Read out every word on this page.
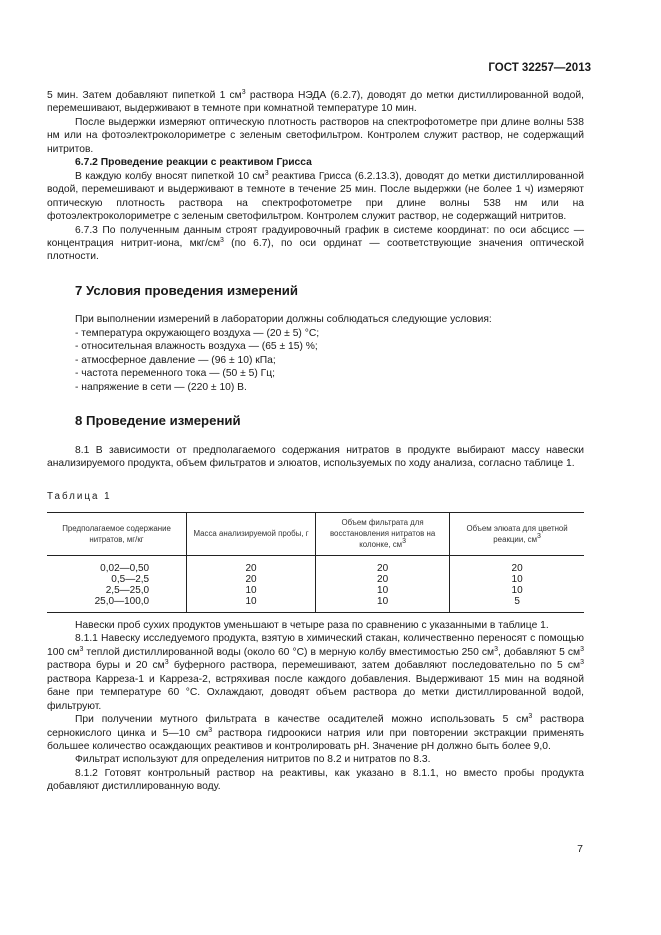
ГОСТ 32257—2013

5 мин. Затем добавляют пипеткой 1 $см^3$ раствора НЭДА (6.2.7), доводят до метки дистиллированной водой, перемешивают, выдерживают в темноте при комнатной температуре 10 мин.

После выдержки измеряют оптическую плотность растворов на спектрофотометре при длине волны 538 нм или на фотоэлектроколориметре с зеленым светофильтром. Контролем служит раствор, не содержащий нитритов.

6.7.2 Проведение реакции с реактивом Грисса

В каждую колбу вносят пипеткой 10 $см^3$ реактива Грисса (6.2.13.3), доводят до метки дистиллированной водой, перемешивают и выдерживают в темноте в течение 25 мин. После выдержки (не более 1 ч) измеряют оптическую плотность раствора на спектрофотометре при длине волны 538 нм или на фотоэлектроколориметре с зеленым светофильтром. Контролем служит раствор, не содержащий нитритов.

6.7.3 По полученным данным строят градуировочный график в системе координат: по оси абсцисс — концентрация нитрит-иона, мкг/$см^3$ (по 6.7), по оси ординат — соответствующие значения оптической плотности.

7 Условия проведения измерений

При выполнении измерений в лаборатории должны соблюдаться следующие условия:

- температура окружающего воздуха — (20 ± 5) °C;

- относительная влажность воздуха — (65 ± 15) %;

- атмосферное давление — (96 ± 10) кПа;

- частота переменного тока — (50 ± 5) Гц;

- напряжение в сети — (220 ± 10) В.

8 Проведение измерений

8.1 В зависимости от предполагаемого содержания нитратов в продукте выбирают массу навески анализируемого продукта, объем фильтратов и элюатов, используемых по ходу анализа, согласно таблице 1.

Таблица 1
Предполагаемое содержание нитратов, мг/кг	Масса анализируемой пробы, г	Объем фильтрата для восстановления нитратов на колонке, $см^3$	Объем элюата для цветной реакции, $см^3$
0,02—0,50	20	20	20
0,5—2,5	20	20	10
2,5—25,0	10	10	10
25,0—100,0	10	10	5

Навески проб сухих продуктов уменьшают в четыре раза по сравнению с указанными в таблице 1.

8.1.1 Навеску исследуемого продукта, взятую в химический стакан, количественно переносят с помощью 100 $см^3$ теплой дистиллированной воды (около 60 °С) в мерную колбу вместимостью 250 $см^3$, добавляют 5 $см^3$ раствора буры и 20 $см^3$ буферного раствора, перемешивают, затем добавляют последовательно по 5 $см^3$ раствора Карреза-1 и Карреза-2, встряхивая после каждого добавления. Выдерживают 15 мин на водяной бане при температуре 60 °С. Охлаждают, доводят объем раствора до метки дистиллированной водой, фильтруют.

При получении мутного фильтрата в качестве осадителей можно использовать 5 $см^3$ раствора сернокислого цинка и 5—10 $см^3$ раствора гидроокиси натрия или при повторении экстракции применять большее количество осаждающих реактивов и контролировать рН. Значение рН должно быть более 9,0.

Фильтрат используют для определения нитритов по 8.2 и нитратов по 8.3.

8.1.2 Готовят контрольный раствор на реактивы, как указано в 8.1.1, но вместо пробы продукта добавляют дистиллированную воду.

7
